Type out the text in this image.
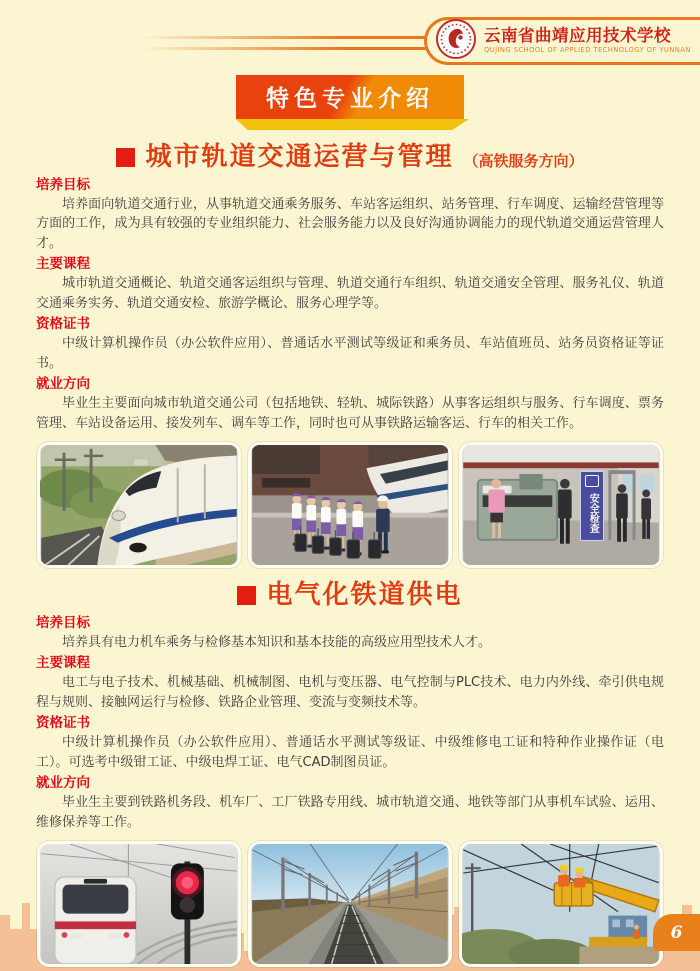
云南省曲靖应用技术学校
QUJING SCHOOL OF APPLIED TECHNOLOGY OF YUNNAN
特色专业介绍
城市轨道交通运营与管理 （高铁服务方向）
培养目标

培养面向轨道交通行业，从事轨道交通乘务服务、车站客运组织、站务管理、行车调度、运输经营管理等方面的工作，成为具有较强的专业组织能力、社会服务能力以及良好沟通协调能力的现代轨道交通运营管理人才。

主要课程

城市轨道交通概论、轨道交通客运组织与管理、轨道交通行车组织、轨道交通安全管理、服务礼仪、轨道交通乘务实务、轨道交通安检、旅游学概论、服务心理学等。

资格证书

中级计算机操作员（办公软件应用）、普通话水平测试等级证和乘务员、车站值班员、站务员资格证等证书。

就业方向

毕业生主要面向城市轨道交通公司（包括地铁、轻轨、城际铁路）从事客运组织与服务、行车调度、票务管理、车站设备运用、接发列车、调车等工作，同时也可从事铁路运输客运、行车的相关工作。

安全检查
电气化铁道供电
培养目标

培养具有电力机车乘务与检修基本知识和基本技能的高级应用型技术人才。

主要课程

电工与电子技术、机械基础、机械制图、电机与变压器、电气控制与PLC技术、电力内外线、牵引供电规程与规则、接触网运行与检修、铁路企业管理、变流与变频技术等。

资格证书

中级计算机操作员（办公软件应用）、普通话水平测试等级证、中级维修电工证和特种作业操作证（电工）。可选考中级钳工证、中级电焊工证、电气CAD制图员证。

就业方向

毕业生主要到铁路机务段、机车厂、工厂铁路专用线、城市轨道交通、地铁等部门从事机车试验、运用、维修保养等工作。

6
